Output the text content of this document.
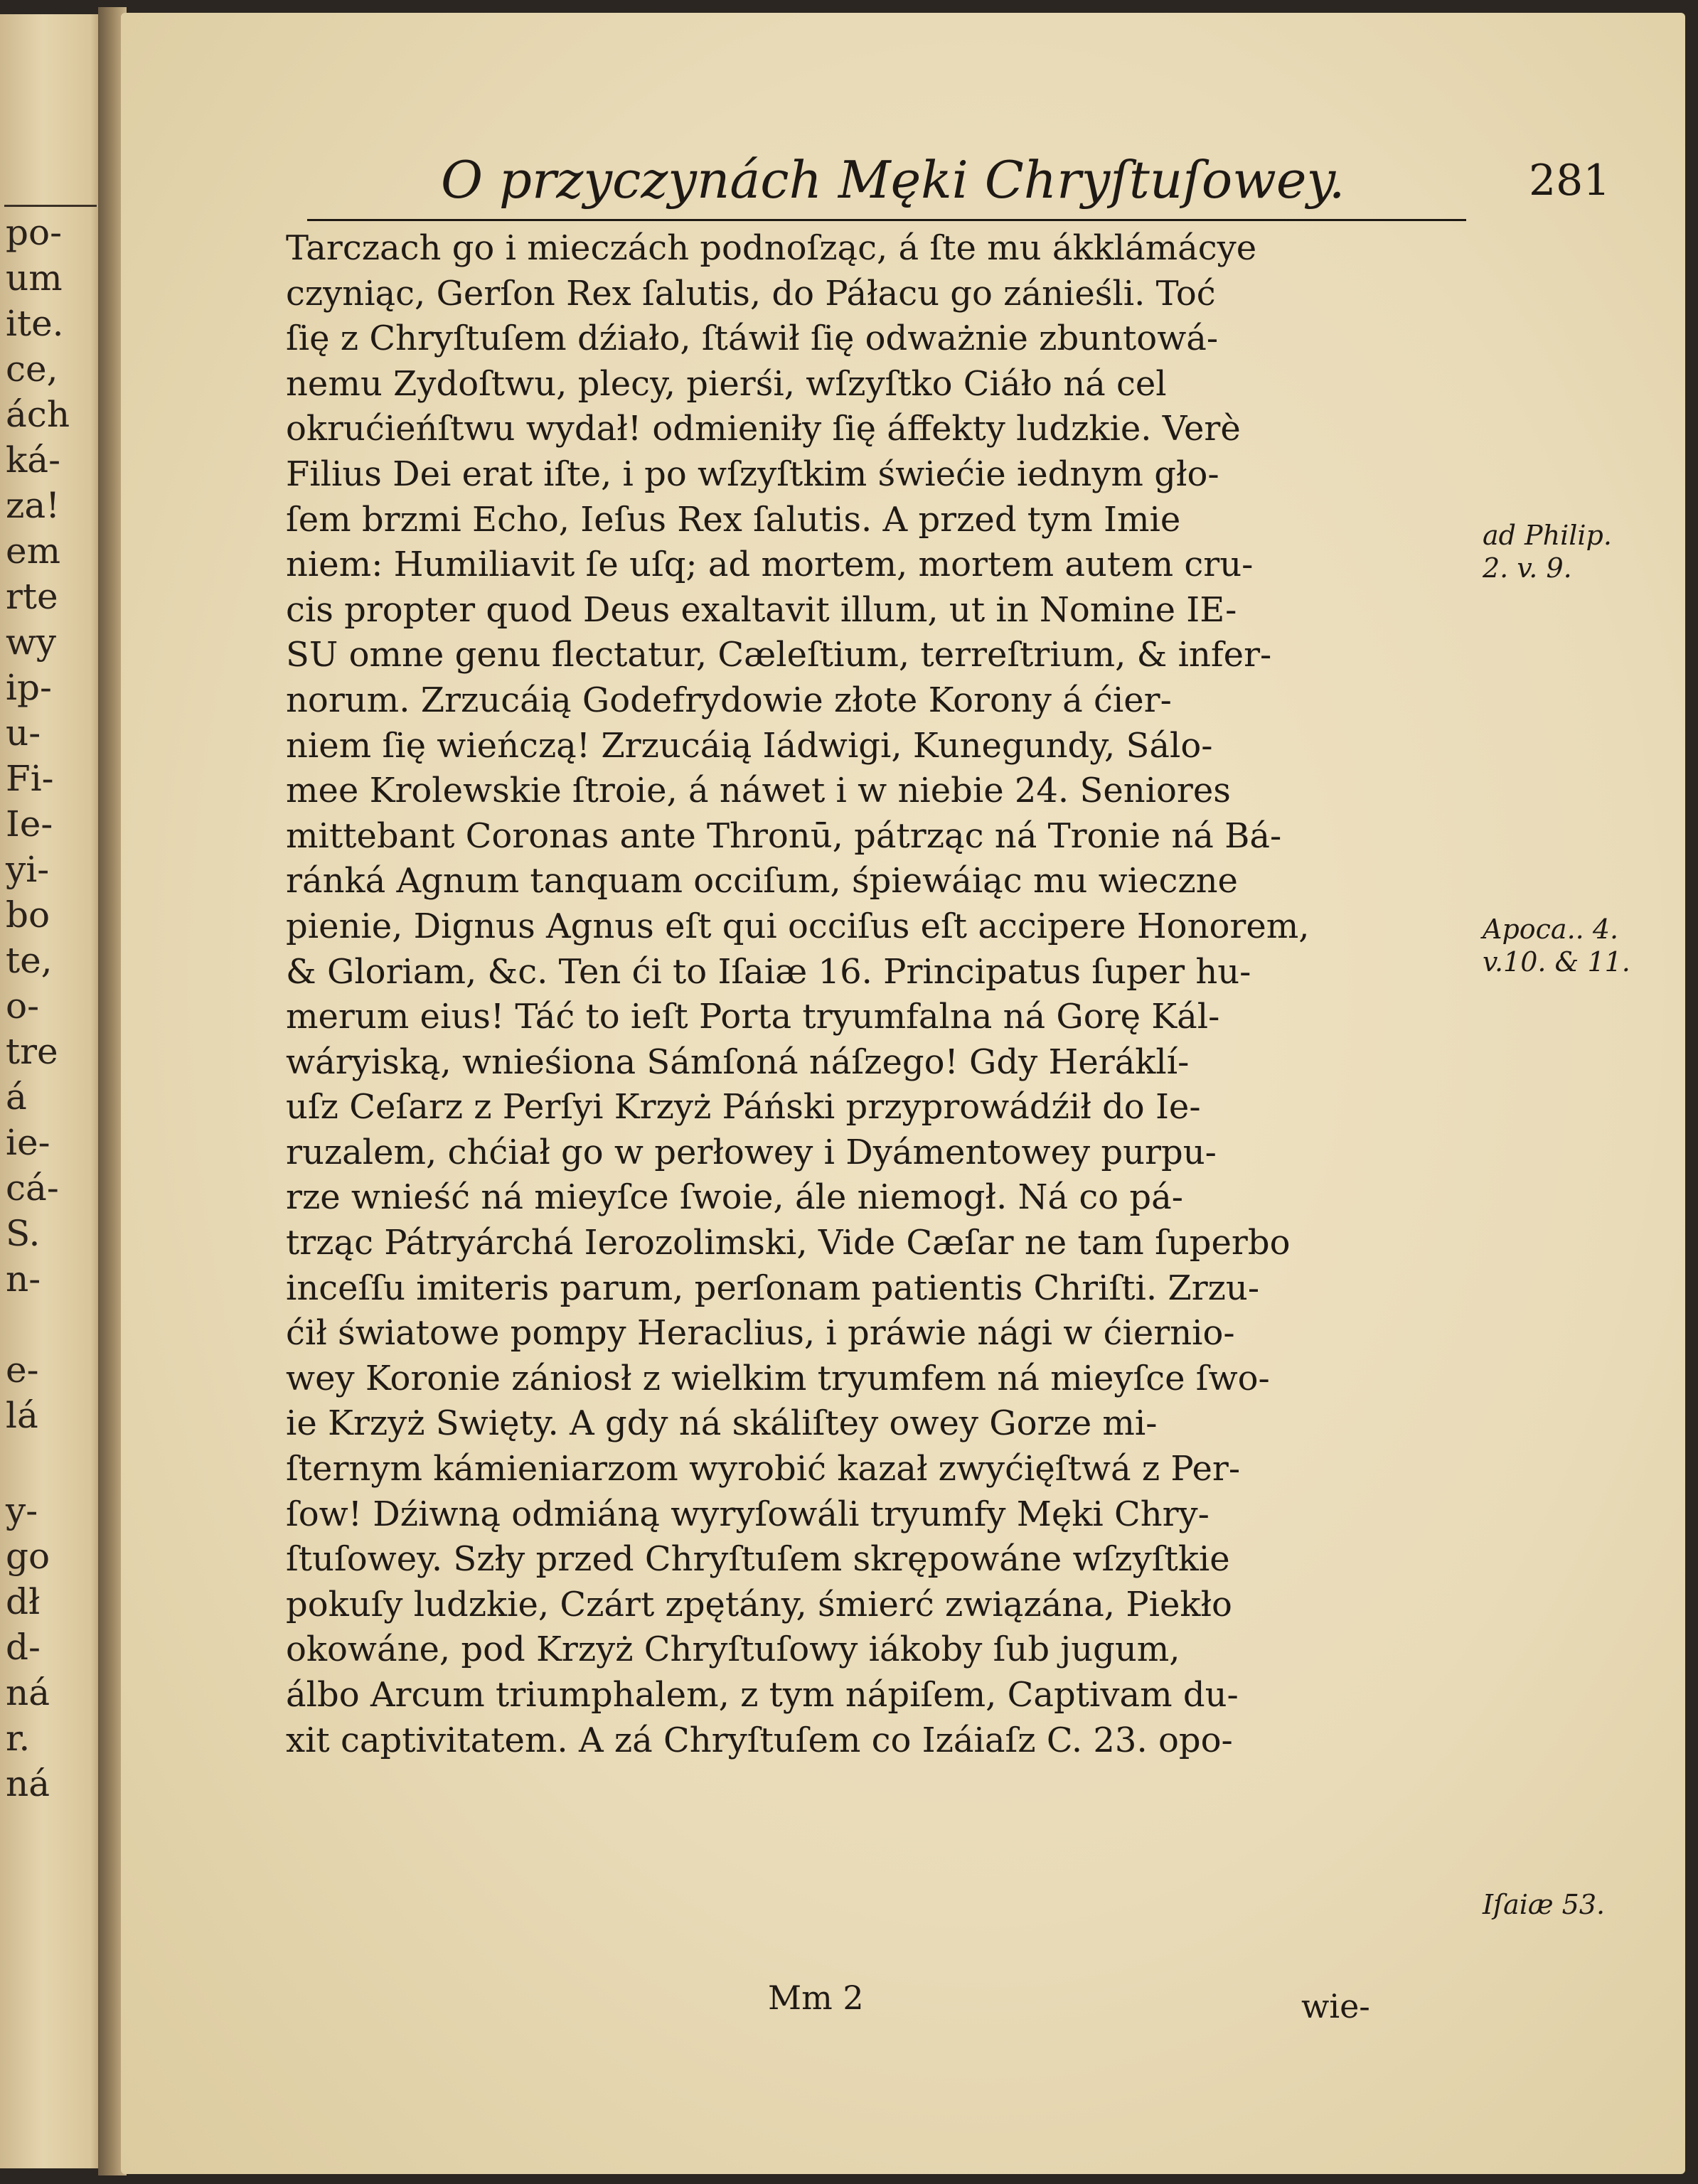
po-
um
ite.
ce,
ách
ká-
za!
em
rte
wy
ip-
u-
Fi-
Ie-
yi-
bo
te,
o-
tre
á
ie-
cá-
S.
n-
e-
lá
y-
go
dł
d-
ná
r.
ná
O przyczynách Męki Chryſtuſowey.	281
Tarczach go i mieczách podnoſząc, á ſte mu ákklámácye
czyniąc, Gerſon Rex ſalutis, do Páłacu go zánieśli. Toć
ſię z Chryſtuſem dźiało, ſtáwił ſię odważnie zbuntowá-
nemu Zydoſtwu, plecy, pierśi, wſzyſtko Ciáło ná cel
okrućieńſtwu wydał! odmieniły ſię áffekty ludzkie. Verè
Filius Dei erat iſte, i po wſzyſtkim świećie iednym gło-
ſem brzmi Echo, Ieſus Rex ſalutis. A przed tym Imie
niem: Humiliavit ſe uſq; ad mortem, mortem autem cru-
cis propter quod Deus exaltavit illum, ut in Nomine IE-
SU omne genu flectatur, Cæleſtium, terreſtrium, & infer-
norum. Zrzucáią Godefrydowie złote Korony á ćier-
niem ſię wieńczą! Zrzucáią Iádwigi, Kunegundy, Sálo-
mee Krolewskie ſtroie, á náwet i w niebie 24. Seniores
mittebant Coronas ante Thronū, pátrząc ná Tronie ná Bá-
ránká Agnum tanquam occiſum, śpiewáiąc mu wieczne
pienie, Dignus Agnus eſt qui occiſus eſt accipere Honorem,
& Gloriam, &c. Ten ći to Iſaiæ 16. Principatus ſuper hu-
merum eius! Táć to ieſt Porta tryumfalna ná Gorę Kál-
wáryiską, wnieśiona Sámſoná náſzego! Gdy Heráklí-
uſz Ceſarz z Perſyi Krzyż Páński przyprowádźił do Ie-
ruzalem, chćiał go w perłowey i Dyámentowey purpu-
rze wnieść ná mieyſce ſwoie, ále niemogł. Ná co pá-
trząc Pátryárchá Ierozolimski, Vide Cæſar ne tam ſuperbo
inceſſu imiteris parum, perſonam patientis Chriſti. Zrzu-
ćił światowe pompy Heraclius, i práwie nági w ćiernio-
wey Koronie zániosł z wielkim tryumfem ná mieyſce ſwo-
ie Krzyż Swięty. A gdy ná skáliſtey owey Gorze mi-
ſternym kámieniarzom wyrobić kazał zwyćięſtwá z Per-
ſow! Dźiwną odmiáną wyryſowáli tryumfy Męki Chry-
ſtuſowey. Szły przed Chryſtuſem skrępowáne wſzyſtkie
pokuſy ludzkie, Czárt zpętány, śmierć związána, Piekło
okowáne, pod Krzyż Chryſtuſowy iákoby ſub jugum,
álbo Arcum triumphalem, z tym nápiſem, Captivam du-
xit captivitatem. A zá Chryſtuſem co Izáiaſz C. 23. opo-
ad Philip.
2. v. 9.
Apoca.. 4.
v.10. & 11.
Iſaiæ 53.
Mm 2	wie-
